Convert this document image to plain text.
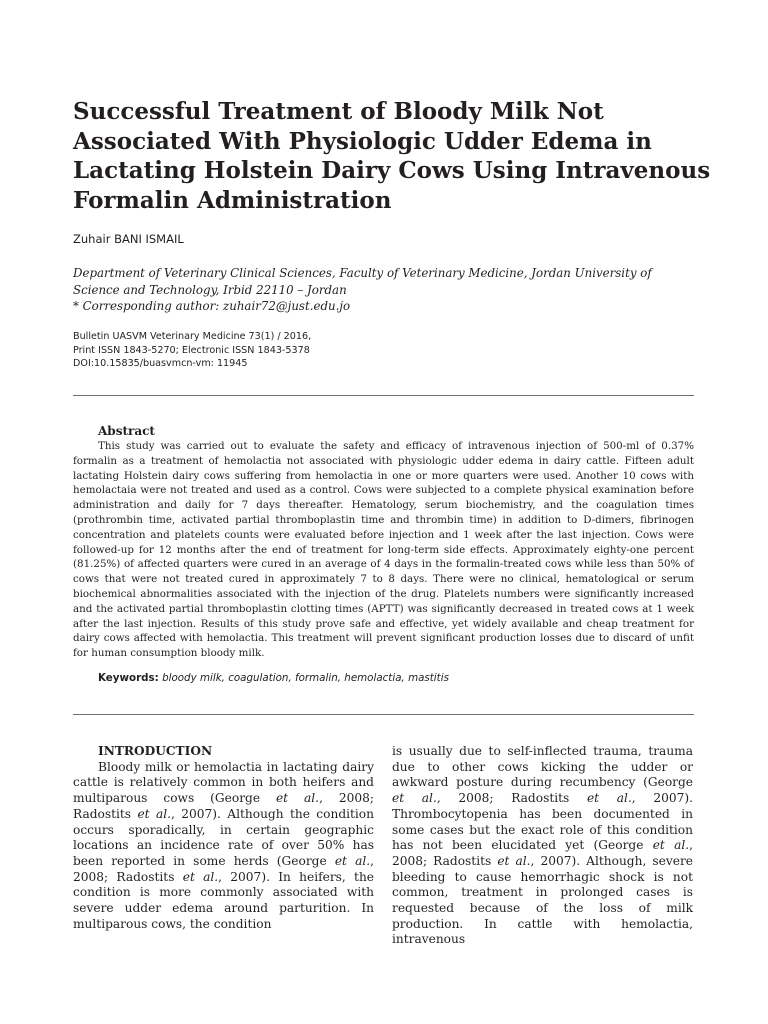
Successful Treatment of Bloody Milk Not Associated With Physiologic Udder Edema in Lactating Holstein Dairy Cows Using Intravenous Formalin Administration
Zuhair BANI ISMAIL
Department of Veterinary Clinical Sciences, Faculty of Veterinary Medicine, Jordan University of Science and Technology, Irbid 22110 – Jordan
* Corresponding author: zuhair72@just.edu.jo
Bulletin UASVM Veterinary Medicine 73(1) / 2016,
Print ISSN 1843-5270; Electronic ISSN 1843-5378
DOI:10.15835/buasvmcn-vm: 11945
Abstract

This study was carried out to evaluate the safety and efficacy of intravenous injection of 500-ml of 0.37% formalin as a treatment of hemolactia not associated with physiologic udder edema in dairy cattle. Fifteen adult lactating Holstein dairy cows suffering from hemolactia in one or more quarters were used. Another 10 cows with hemolactaia were not treated and used as a control. Cows were subjected to a complete physical examination before administration and daily for 7 days thereafter. Hematology, serum biochemistry, and the coagulation times (prothrombin time, activated partial thromboplastin time and thrombin time) in addition to D-dimers, fibrinogen concentration and platelets counts were evaluated before injection and 1 week after the last injection. Cows were followed-up for 12 months after the end of treatment for long-term side effects. Approximately eighty-one percent (81.25%) of affected quarters were cured in an average of 4 days in the formalin-treated cows while less than 50% of cows that were not treated cured in approximately 7 to 8 days. There were no clinical, hematological or serum biochemical abnormalities associated with the injection of the drug. Platelets numbers were significantly increased and the activated partial thromboplastin clotting times (APTT) was significantly decreased in treated cows at 1 week after the last injection. Results of this study prove safe and effective, yet widely available and cheap treatment for dairy cows affected with hemolactia. This treatment will prevent significant production losses due to discard of unfit for human consumption bloody milk.

Keywords: bloody milk, coagulation, formalin, hemolactia, mastitis
INTRODUCTION

Bloody milk or hemolactia in lactating dairy cattle is relatively common in both heifers and multiparous cows (George et al., 2008; Radostits et al., 2007). Although the condition occurs sporadically, in certain geographic locations an incidence rate of over 50% has been reported in some herds (George et al., 2008; Radostits et al., 2007). In heifers, the condition is more commonly associated with severe udder edema around parturition. In multiparous cows, the condition

is usually due to self-inflected trauma, trauma due to other cows kicking the udder or awkward posture during recumbency (George et al., 2008; Radostits et al., 2007). Thrombocytopenia has been documented in some cases but the exact role of this condition has not been elucidated yet (George et al., 2008; Radostits et al., 2007). Although, severe bleeding to cause hemorrhagic shock is not common, treatment in prolonged cases is requested because of the loss of milk production. In cattle with hemolactia, intravenous
